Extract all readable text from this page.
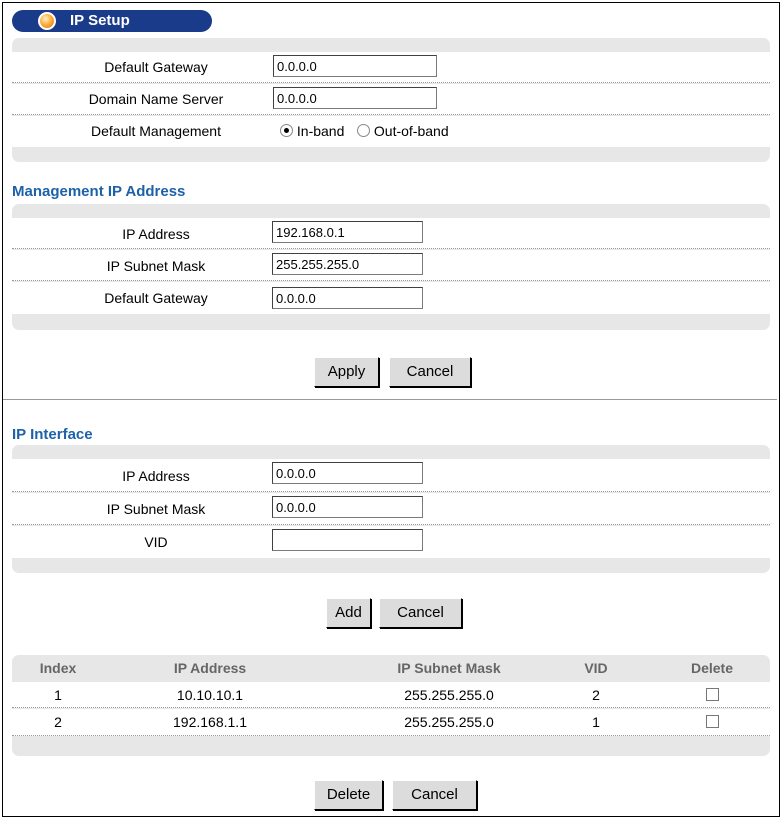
IP Setup
Default Gateway
0.0.0.0
Domain Name Server
0.0.0.0
Default Management	In-band	Out-of-band
Management IP Address
IP Address
192.168.0.1
IP Subnet Mask
255.255.255.0
Default Gateway
0.0.0.0
Apply	Cancel
IP Interface
IP Address
0.0.0.0
IP Subnet Mask
0.0.0.0
VID
Add	Cancel
Index	IP Address	IP Subnet Mask	VID	Delete
1	10.10.10.1	255.255.255.0	2
2	192.168.1.1	255.255.255.0	1
Delete	Cancel
